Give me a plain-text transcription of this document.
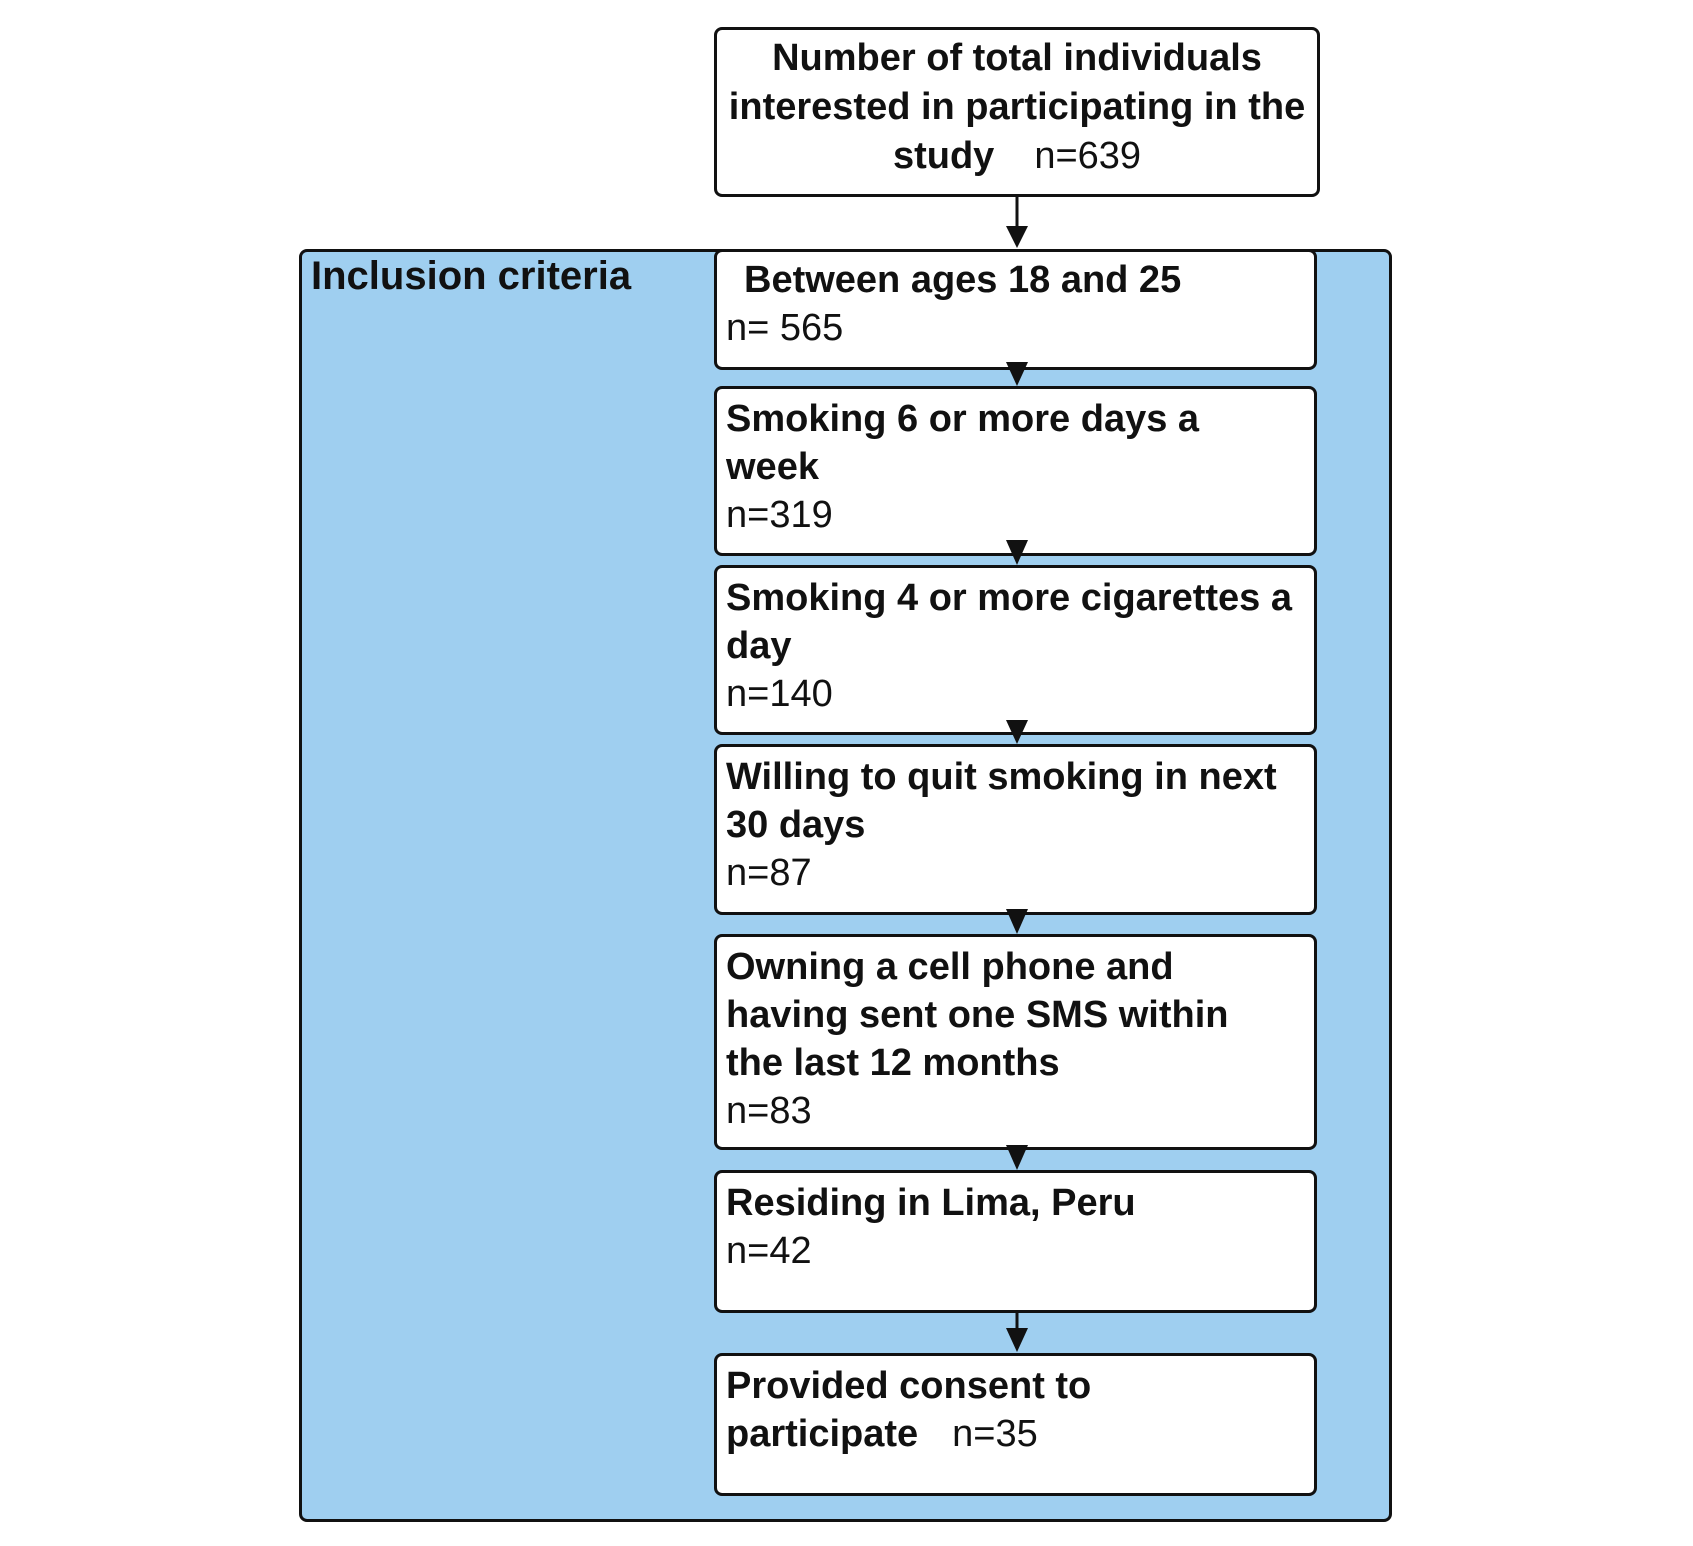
Inclusion criteria
Number of total individuals interested in participating in the study n=639
Between ages 18 and 25
n= 565
Smoking 6 or more days a week
n=319
Smoking 4 or more cigarettes a day
n=140
Willing to quit smoking in next 30 days
n=87
Owning a cell phone and having sent one SMS within the last 12 months
n=83
Residing in Lima, Peru
n=42
Provided consent to participate n=35
